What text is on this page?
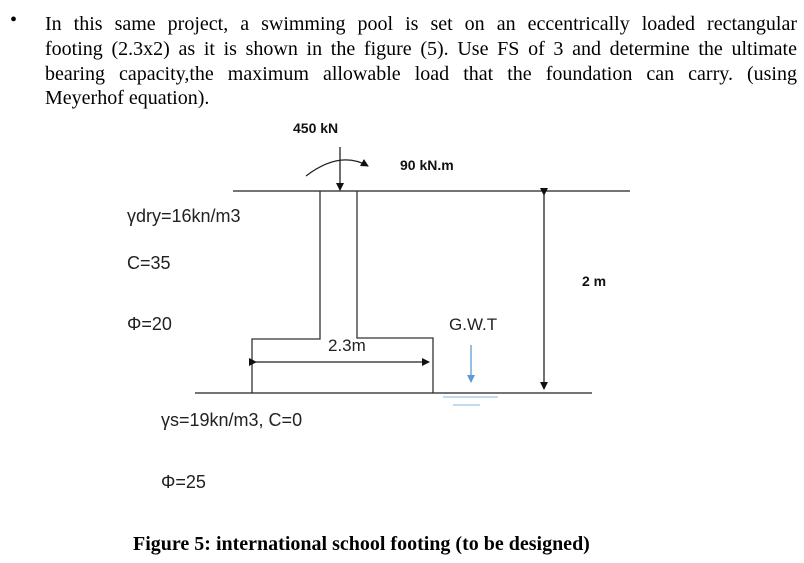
• In this same project, a swimming pool is set on an eccentrically loaded rectangular
footing (2.3x2) as it is shown in the figure (5). Use FS of 3 and determine the ultimate
bearing capacity,the maximum allowable load that the foundation can carry. (using
Meyerhof equation).
450 kN
90 kN.m
γdry=16kn/m3
C=35
Φ=20
2.3m
2 m
G.W.T
γs=19kn/m3, C=0
Φ=25
Figure 5: international school footing (to be designed)
